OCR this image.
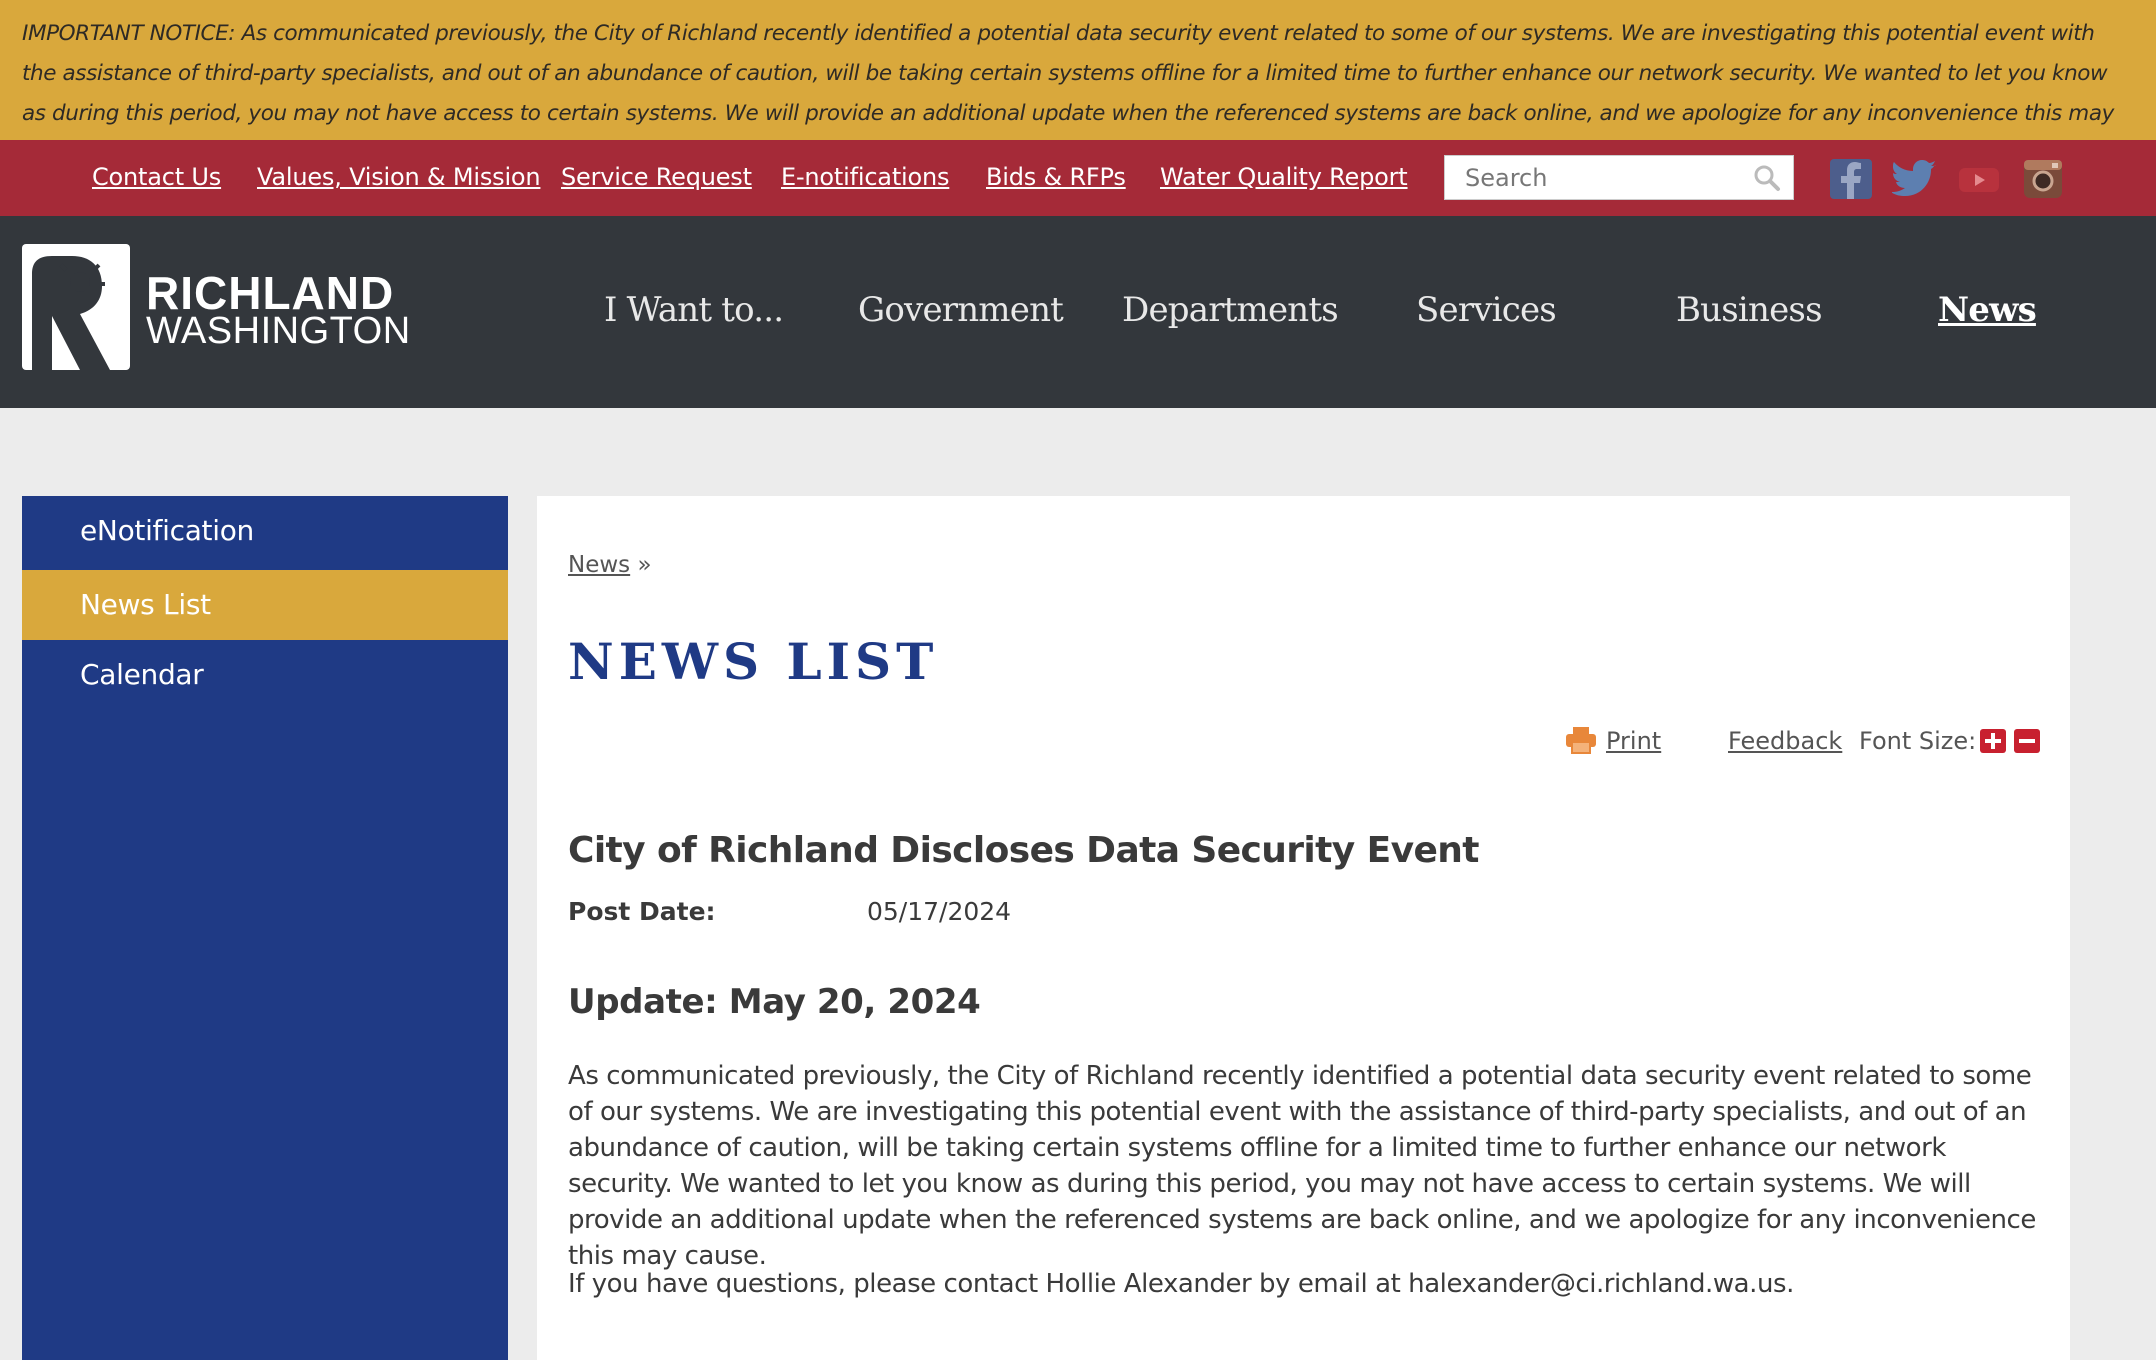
IMPORTANT NOTICE: As communicated previously, the City of Richland recently identified a potential data security event related to some of our systems. We are investigating this potential event with the assistance of third-party specialists, and out of an abundance of caution, will be taking certain systems offline for a limited time to further enhance our network security. We wanted to let you know as during this period, you may not have access to certain systems. We will provide an additional update when the referenced systems are back online, and we apologize for any inconvenience this may

Contact Us Values, Vision & Mission Service Request E-notifications Bids & RFPs Water Quality Report
Search
RICHLAND
WASHINGTON	I Want to... Government Departments Services	Business	News
eNotification
News List
Calendar
News »
NEWS LIST
Print	Feedback Font Size:
City of Richland Discloses Data Security Event
Post Date:	05/17/2024
Update: May 20, 2024

As communicated previously, the City of Richland recently identified a potential data security event related to some of our systems. We are investigating this potential event with the assistance of third-party specialists, and out of an abundance of caution, will be taking certain systems offline for a limited time to further enhance our network security. We wanted to let you know as during this period, you may not have access to certain systems. We will provide an additional update when the referenced systems are back online, and we apologize for any inconvenience this may cause.

If you have questions, please contact Hollie Alexander by email at halexander@ci.richland.wa.us.
